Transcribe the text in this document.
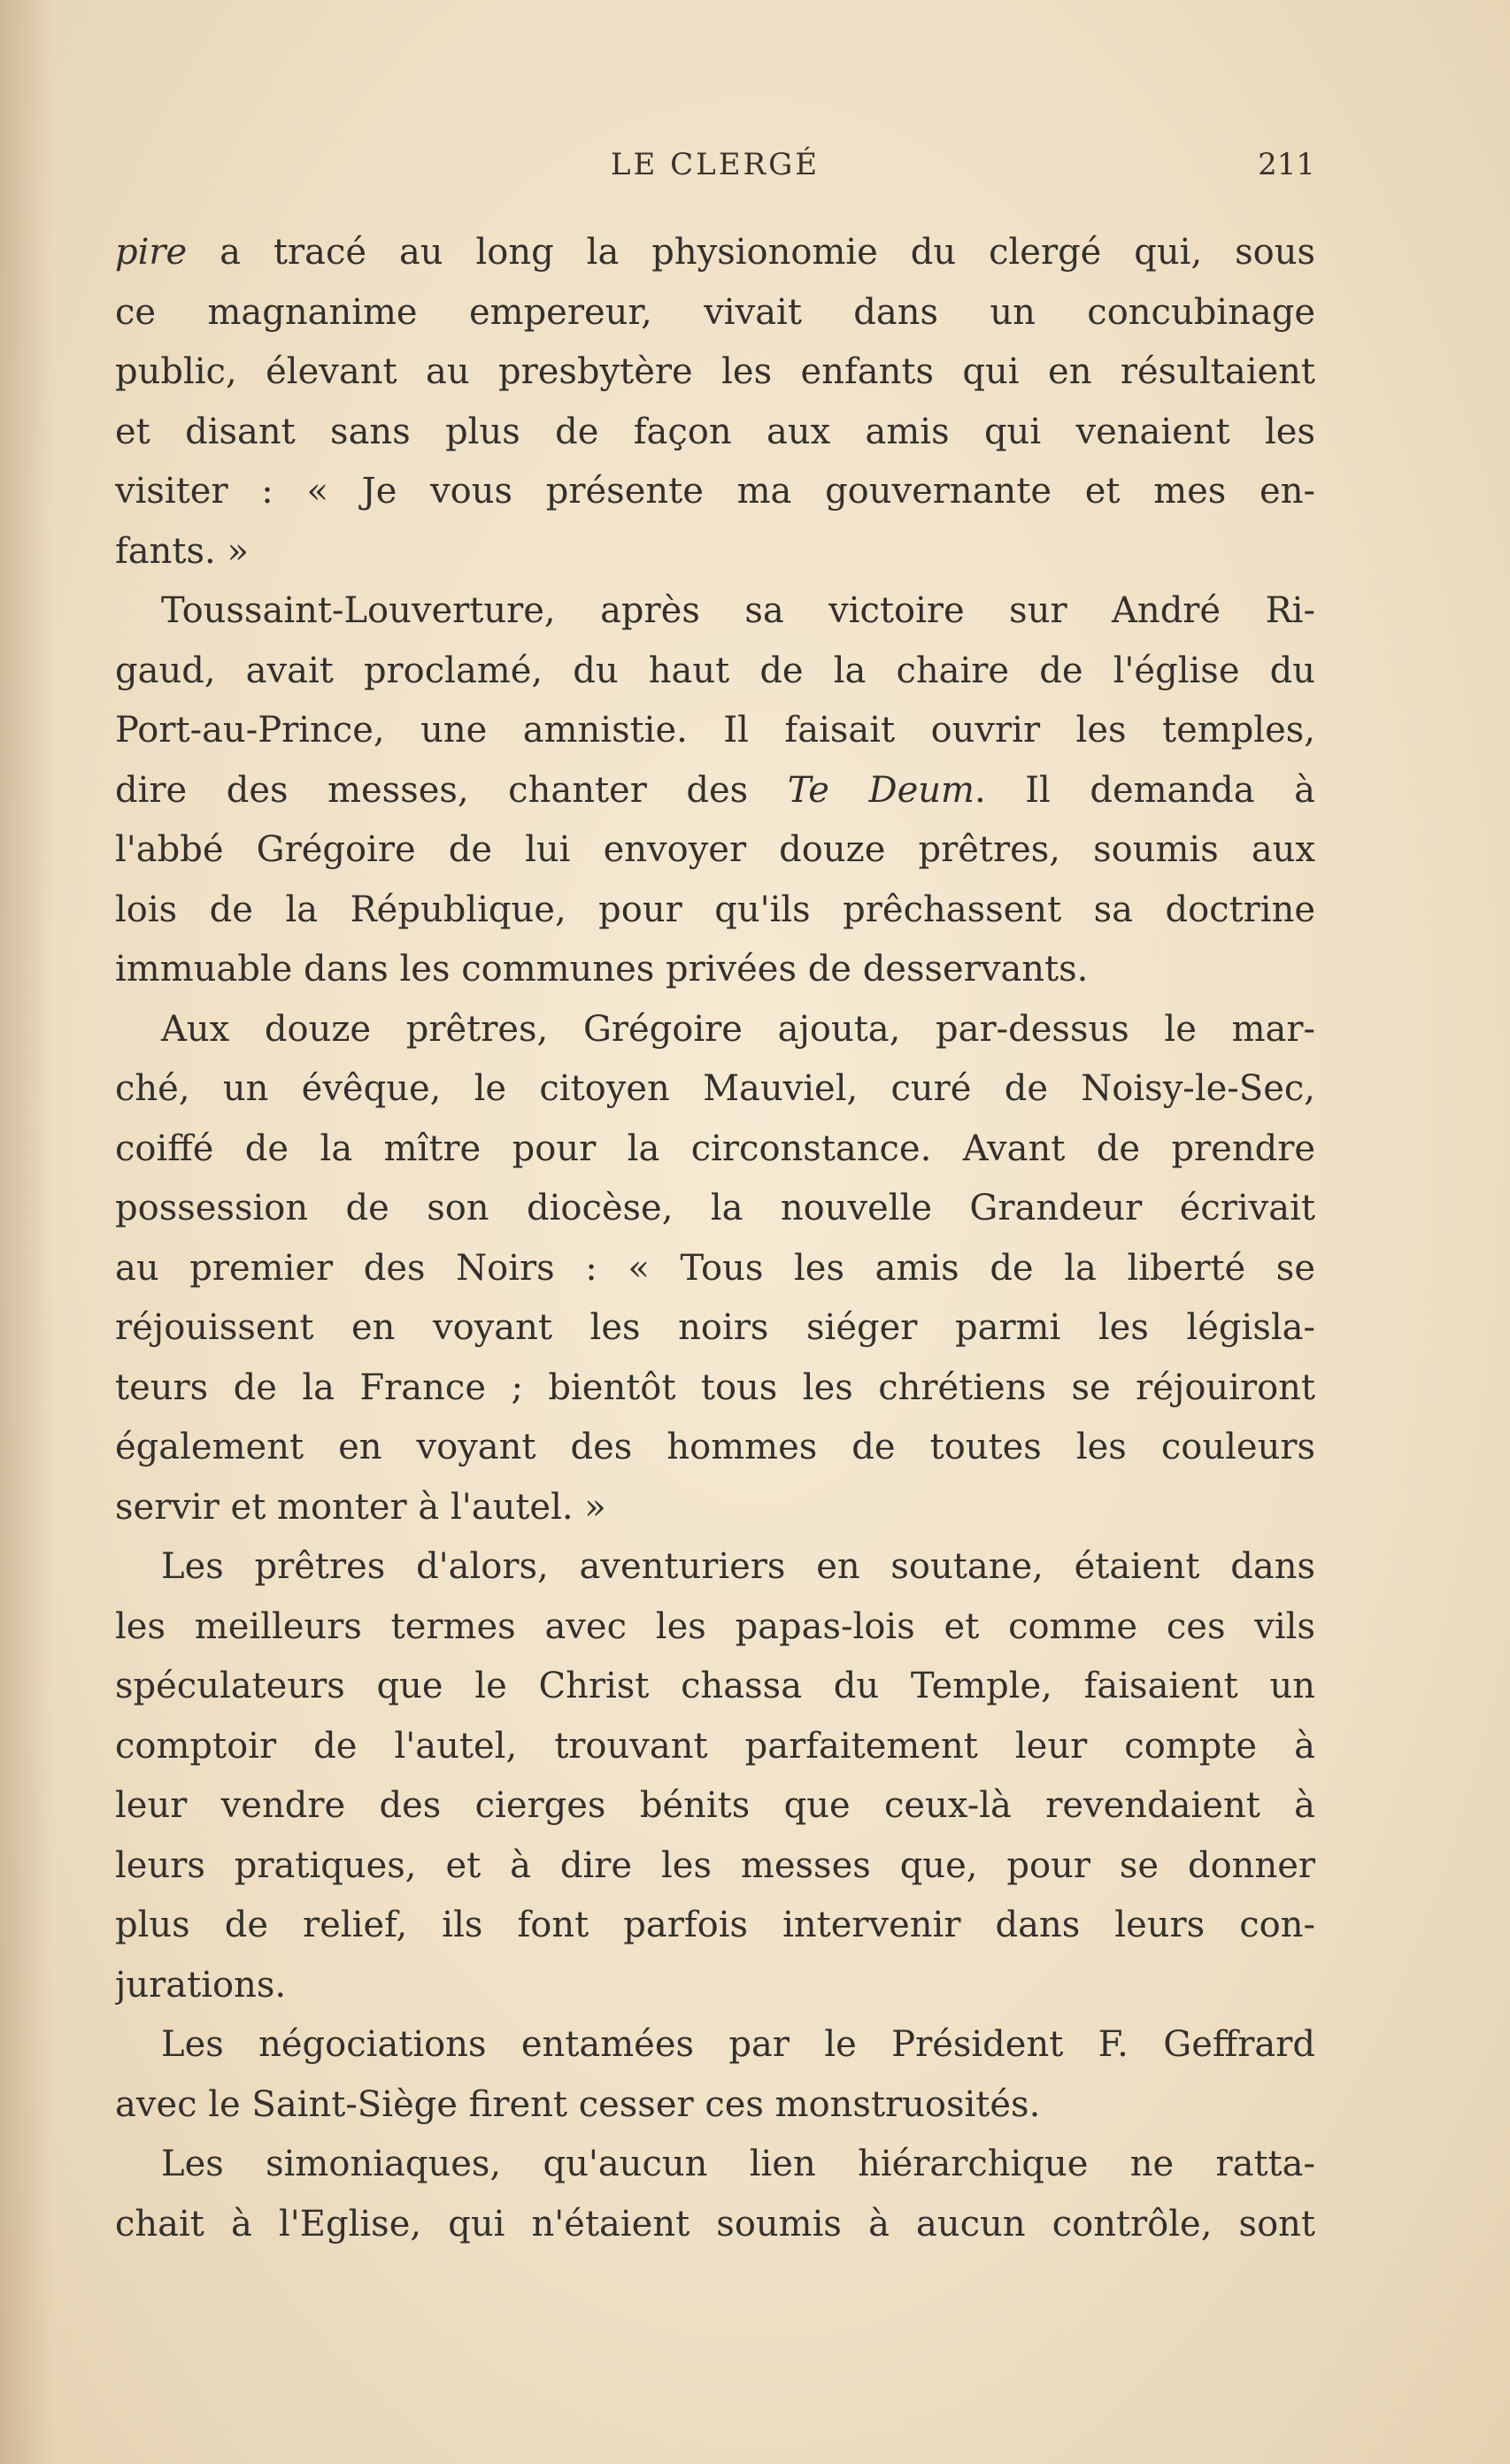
LE CLERGÉ	211
pire a tracé au long la physionomie du clergé qui, sous
ce magnanime empereur, vivait dans un concubinage
public, élevant au presbytère les enfants qui en résultaient
et disant sans plus de façon aux amis qui venaient les
visiter : « Je vous présente ma gouvernante et mes en-
fants. »
Toussaint-Louverture, après sa victoire sur André Ri-
gaud, avait proclamé, du haut de la chaire de l'église du
Port-au-Prince, une amnistie. Il faisait ouvrir les temples,
dire des messes, chanter des Te Deum. Il demanda à
l'abbé Grégoire de lui envoyer douze prêtres, soumis aux
lois de la République, pour qu'ils prêchassent sa doctrine
immuable dans les communes privées de desservants.
Aux douze prêtres, Grégoire ajouta, par-dessus le mar-
ché, un évêque, le citoyen Mauviel, curé de Noisy-le-Sec,
coiffé de la mître pour la circonstance. Avant de prendre
possession de son diocèse, la nouvelle Grandeur écrivait
au premier des Noirs : « Tous les amis de la liberté se
réjouissent en voyant les noirs siéger parmi les législa-
teurs de la France ; bientôt tous les chrétiens se réjouiront
également en voyant des hommes de toutes les couleurs
servir et monter à l'autel. »
Les prêtres d'alors, aventuriers en soutane, étaient dans
les meilleurs termes avec les papas-lois et comme ces vils
spéculateurs que le Christ chassa du Temple, faisaient un
comptoir de l'autel, trouvant parfaitement leur compte à
leur vendre des cierges bénits que ceux-là revendaient à
leurs pratiques, et à dire les messes que, pour se donner
plus de relief, ils font parfois intervenir dans leurs con-
jurations.
Les négociations entamées par le Président F. Geffrard
avec le Saint-Siège firent cesser ces monstruosités.
Les simoniaques, qu'aucun lien hiérarchique ne ratta-
chait à l'Eglise, qui n'étaient soumis à aucun contrôle, sont
